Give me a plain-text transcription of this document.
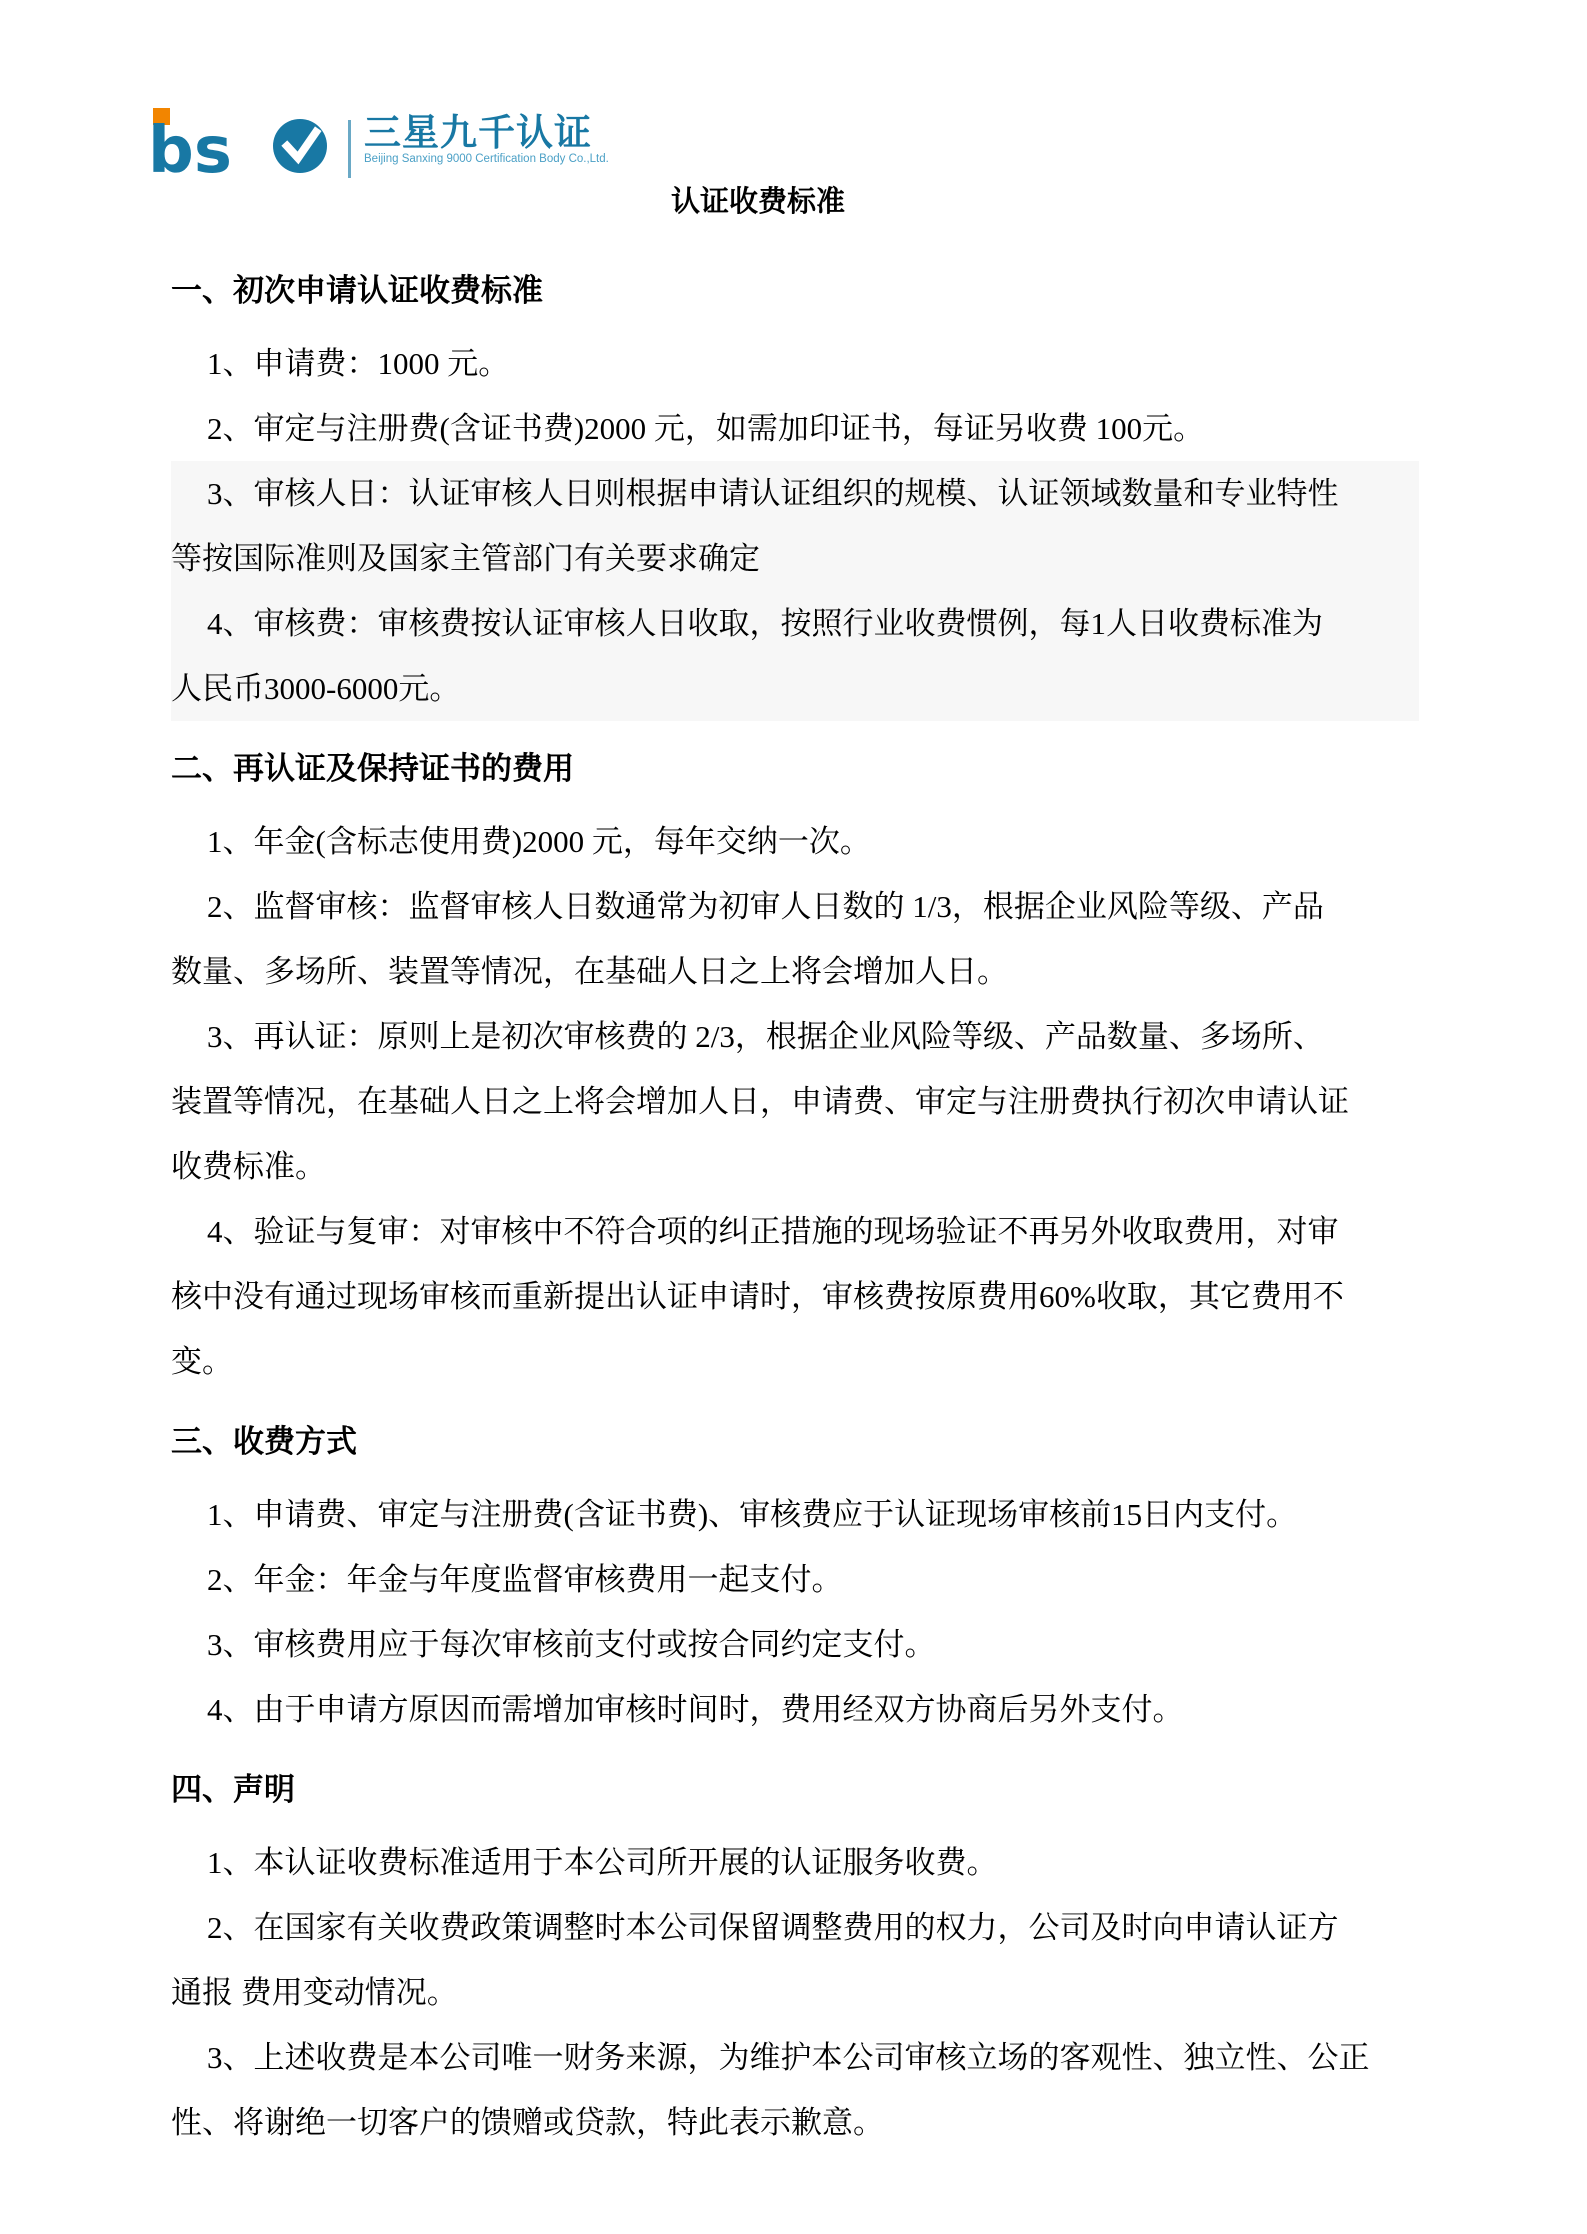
bs	三星九千认证
Beijing Sanxing 9000 Certification Body Co.,Ltd.
认证收费标准
一、初次申请认证收费标准
1、申请费：1000 元。
2、审定与注册费(含证书费)2000 元，如需加印证书，每证另收费 100元。
3、审核人日：认证审核人日则根据申请认证组织的规模、认证领域数量和专业特性
等按国际准则及国家主管部门有关要求确定
4、审核费：审核费按认证审核人日收取，按照行业收费惯例，每1人日收费标准为
人民币3000-6000元。
二、再认证及保持证书的费用
1、年金(含标志使用费)2000 元，每年交纳一次。
2、监督审核：监督审核人日数通常为初审人日数的 1/3，根据企业风险等级、产品
数量、多场所、装置等情况，在基础人日之上将会增加人日。
3、再认证：原则上是初次审核费的 2/3，根据企业风险等级、产品数量、多场所、
装置等情况，在基础人日之上将会增加人日，申请费、审定与注册费执行初次申请认证
收费标准。
4、验证与复审：对审核中不符合项的纠正措施的现场验证不再另外收取费用，对审
核中没有通过现场审核而重新提出认证申请时，审核费按原费用60%收取，其它费用不
变。
三、收费方式
1、申请费、审定与注册费(含证书费)、审核费应于认证现场审核前15日内支付。
2、年金：年金与年度监督审核费用一起支付。
3、审核费用应于每次审核前支付或按合同约定支付。
4、由于申请方原因而需增加审核时间时，费用经双方协商后另外支付。
四、声明
1、本认证收费标准适用于本公司所开展的认证服务收费。
2、在国家有关收费政策调整时本公司保留调整费用的权力，公司及时向申请认证方
通报 费用变动情况。
3、上述收费是本公司唯一财务来源，为维护本公司审核立场的客观性、独立性、公正
性、将谢绝一切客户的馈赠或贷款，特此表示歉意。
